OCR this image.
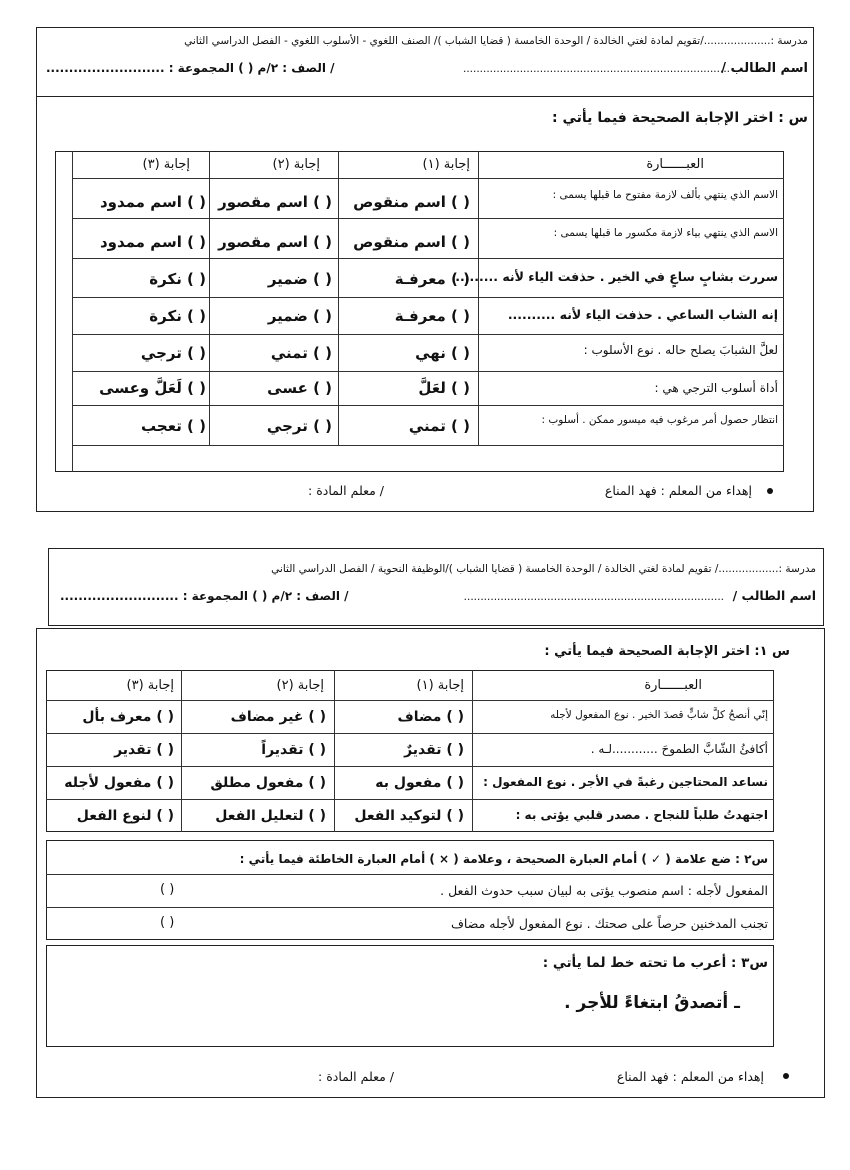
مدرسة :..................../تقويم لمادة لغتي الخالدة / الوحدة الخامسة ( قضايا الشباب )/ الصنف اللغوي - الأسلوب اللغوي - الفصل الدراسي الثاني
اسم الطالب /
................................................................................
/ الصف : ٢/م ( ) المجموعة : ..........................
س : اختر الإجابة الصحيحة فيما يأتي :
العبــــــارة
إجابة (١)
إجابة (٢)
إجابة (٣)
الاسم الذي ينتهي بألف لازمة مفتوح ما قبلها يسمى :
( ) اسم منقوص
( ) اسم مقصور
( ) اسم ممدود
الاسم الذي ينتهي بياء لازمة مكسور ما قبلها يسمى :
( ) اسم منقوص
( ) اسم مقصور
( ) اسم ممدود
سررت بشابٍ ساعٍ في الخير . حذفت الياء لأنه .........
( ) معرفـة
( ) ضمير
( ) نكرة
إنه الشاب الساعي . حذفت الياء لأنه ..........
( ) معرفـة
( ) ضمير
( ) نكرة
لعلَّ الشبابَ يصلح حاله . نوع الأسلوب :
( ) نهي
( ) تمني
( ) ترجي
أداة أسلوب الترجي هي :
( ) لعَلَّ
( ) عسى
( ) لَعَلَّ وعسى
انتظار حصول أمر مرغوب فيه ميسور ممكن . أسلوب :
( ) تمني
( ) ترجي
( ) تعجب
إهداء من المعلم : فهد المناع
/ معلم المادة :
مدرسة :................../ تقويم لمادة لغتي الخالدة / الوحدة الخامسة ( قضايا الشباب )/الوظيفة النحوية / الفصل الدراسي الثاني
اسم الطالب /
..............................................................................
/ الصف : ٢/م ( ) المجموعة : ..........................
س ١: اختر الإجابة الصحيحة فيما يأتي :
العبــــــارة
إجابة (١)
إجابة (٢)
إجابة (٣)
إنّي أنصحُ كلَّ شابٍّ قصدَ الخير . نوع المفعول لأجله
( ) مضاف
( ) غير مضاف
( ) معرف بأل
أكافئُ الشّابَّ الطموحَ ............لـه .
( ) تقديرٌ
( ) تقديراً
( ) تقدير
نساعد المحتاجين رغبةً في الأجر . نوع المفعول :
( ) مفعول به
( ) مفعول مطلق
( ) مفعول لأجله
اجتهدتُ طلباً للنجاح . مصدر قلبي يؤتى به :
( ) لتوكيد الفعل
( ) لتعليل الفعل
( ) لنوع الفعل
س٢ : ضع علامة ( ✓ ) أمام العبارة الصحيحة ، وعلامة ( × ) أمام العبارة الخاطئة فيما يأتي :
المفعول لأجله : اسم منصوب يؤتى به لبيان سبب حدوث الفعل .
( )
تجنب المدخنين حرصاً على صحتك . نوع المفعول لأجله مضاف
( )
س٣ : أعرب ما تحته خط لما يأتي :
ـ أتصدقُ ابتغاءً للأجر .
إهداء من المعلم : فهد المناع
/ معلم المادة :
